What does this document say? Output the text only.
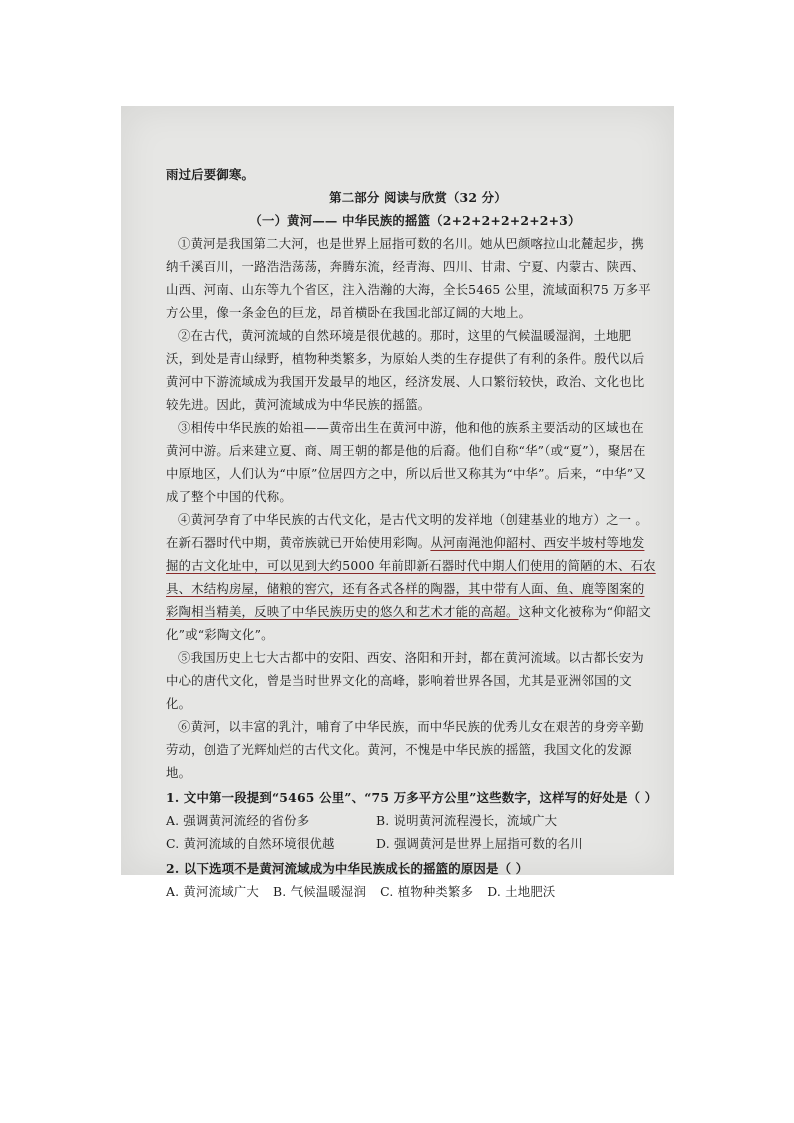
雨过后要御寒。
第二部分 阅读与欣赏（32 分）
（一）黄河—— 中华民族的摇篮（2+2+2+2+2+2+3）

①黄河是我国第二大河，也是世界上屈指可数的名川。她从巴颜喀拉山北麓起步，携纳千溪百川，一路浩浩荡荡，奔腾东流，经青海、四川、甘肃、宁夏、内蒙古、陕西、山西、河南、山东等九个省区，注入浩瀚的大海，全长5465 公里，流域面积75 万多平方公里，像一条金色的巨龙，昂首横卧在我国北部辽阔的大地上。

②在古代，黄河流域的自然环境是很优越的。那时，这里的气候温暖湿润，土地肥沃，到处是青山绿野，植物种类繁多，为原始人类的生存提供了有利的条件。殷代以后黄河中下游流域成为我国开发最早的地区，经济发展、人口繁衍较快，政治、文化也比较先进。因此，黄河流域成为中华民族的摇篮。

③相传中华民族的始祖——黄帝出生在黄河中游，他和他的族系主要活动的区域也在黄河中游。后来建立夏、商、周王朝的都是他的后裔。他们自称“华”（或“夏”），聚居在中原地区，人们认为“中原”位居四方之中，所以后世又称其为“中华”。后来，“中华”又成了整个中国的代称。

④黄河孕育了中华民族的古代文化，是古代文明的发祥地（创建基业的地方）之一 。在新石器时代中期，黄帝族就已开始使用彩陶。从河南渑池仰韶村、西安半坡村等地发掘的古文化址中，可以见到大约5000 年前即新石器时代中期人们使用的简陋的木、石农具、木结构房屋，储粮的窖穴，还有各式各样的陶器，其中带有人面、鱼、鹿等图案的彩陶相当精美，反映了中华民族历史的悠久和艺术才能的高超。这种文化被称为“仰韶文化”或“彩陶文化”。

⑤我国历史上七大古都中的安阳、西安、洛阳和开封，都在黄河流域。以古都长安为中心的唐代文化，曾是当时世界文化的高峰，影响着世界各国，尤其是亚洲邻国的文化。

⑥黄河，以丰富的乳汁，哺育了中华民族，而中华民族的优秀儿女在艰苦的身旁辛勤劳动，创造了光辉灿烂的古代文化。黄河，不愧是中华民族的摇篮，我国文化的发源地。

1. 文中第一段提到“5465 公里”、“75 万多平方公里”这些数字，这样写的好处是（ ）
A. 强调黄河流经的省份多	B. 说明黄河流程漫长，流域广大
C. 黄河流域的自然环境很优越	D. 强调黄河是世界上屈指可数的名川
2. 以下选项不是黄河流域成为中华民族成长的摇篮的原因是（ ）
A. 黄河流域广大 B. 气候温暖湿润 C. 植物种类繁多 D. 土地肥沃
